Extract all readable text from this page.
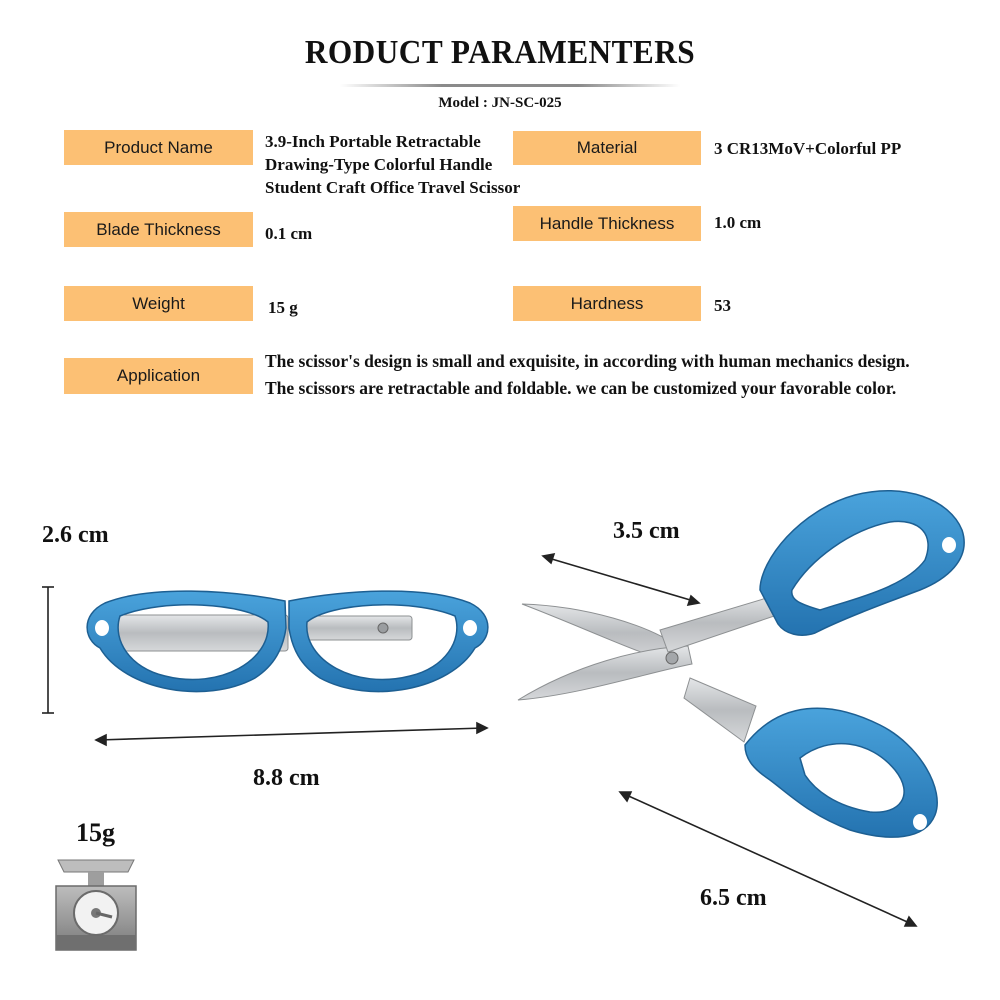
RODUCT PARAMENTERS
Model : JN-SC-025
Product Name	3.9-Inch Portable Retractable
Drawing-Type Colorful Handle
Student Craft Office Travel Scissor
Material	3 CR13MoV+Colorful PP
Blade Thickness	0.1 cm
Handle Thickness	1.0 cm
Weight	15 g	Hardness	53
Application
The scissor's design is small and exquisite, in according with human mechanics design.
The scissors are retractable and foldable. we can be customized your favorable color.
2.6 cm
8.8 cm
3.5 cm
6.5 cm
15g
